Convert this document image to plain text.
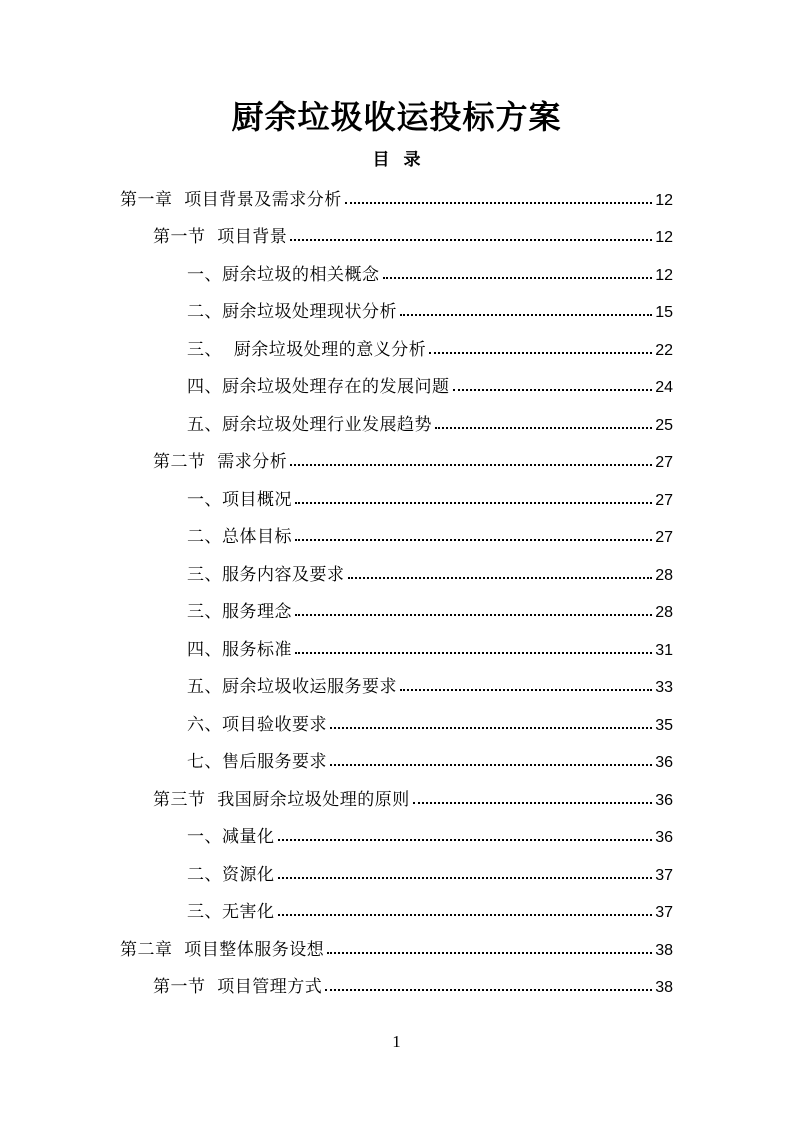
厨余垃圾收运投标方案
目 录
第一章  项目背景及需求分析	12
第一节  项目背景	12
一、厨余垃圾的相关概念	12
二、厨余垃圾处理现状分析	15
三、  厨余垃圾处理的意义分析	22
四、厨余垃圾处理存在的发展问题	24
五、厨余垃圾处理行业发展趋势	25
第二节  需求分析	27
一、项目概况	27
二、总体目标	27
三、服务内容及要求	28
三、服务理念	28
四、服务标准	31
五、厨余垃圾收运服务要求	33
六、项目验收要求	35
七、售后服务要求	36
第三节  我国厨余垃圾处理的原则	36
一、减量化	36
二、资源化	37
三、无害化	37
第二章  项目整体服务设想	38
第一节  项目管理方式	38
1
